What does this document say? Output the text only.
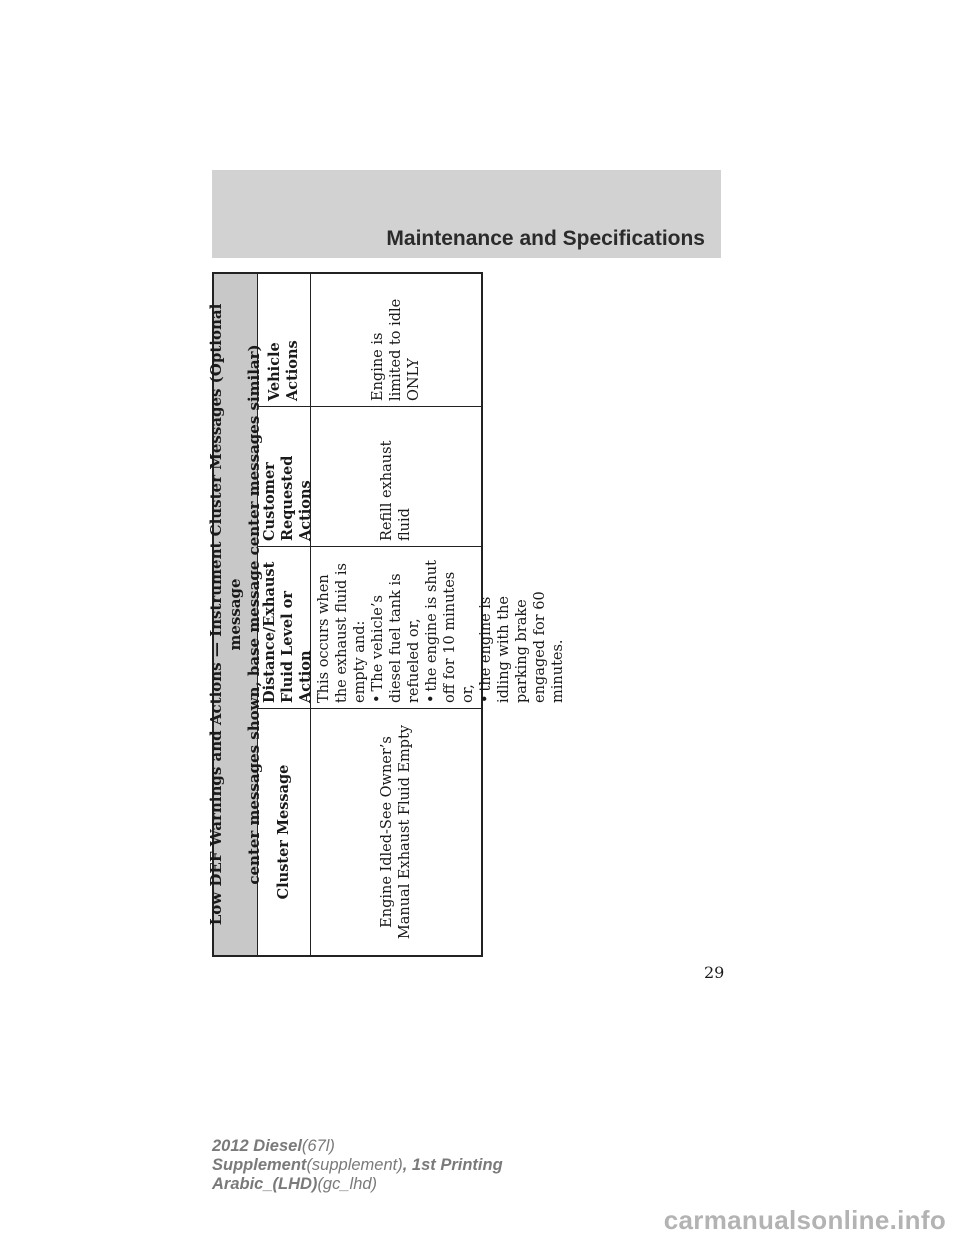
Maintenance and Specifications
Low DEF Warnings and Actions — Instrument Cluster Messages (Optional message center messages shown, base message center messages similar) Cluster Message
Distance/Exhaust Fluid Level or Action
Customer Requested Actions
Vehicle Actions
Engine Idled-See Owner’s Manual Exhaust Fluid Empty
This occurs when the exhaust fluid is empty and: • The vehicle’s diesel fuel tank is refueled or, • the engine is shut off for 10 minutes or,
• the engine is idling with the parking brake engaged for 60 minutes.
Refill exhaust fluid
Engine is limited to idle ONLY
29
2012 Diesel(67l)
Supplement(supplement), 1st Printing
Arabic_(LHD)(gc_lhd)
carmanualsonline.info
